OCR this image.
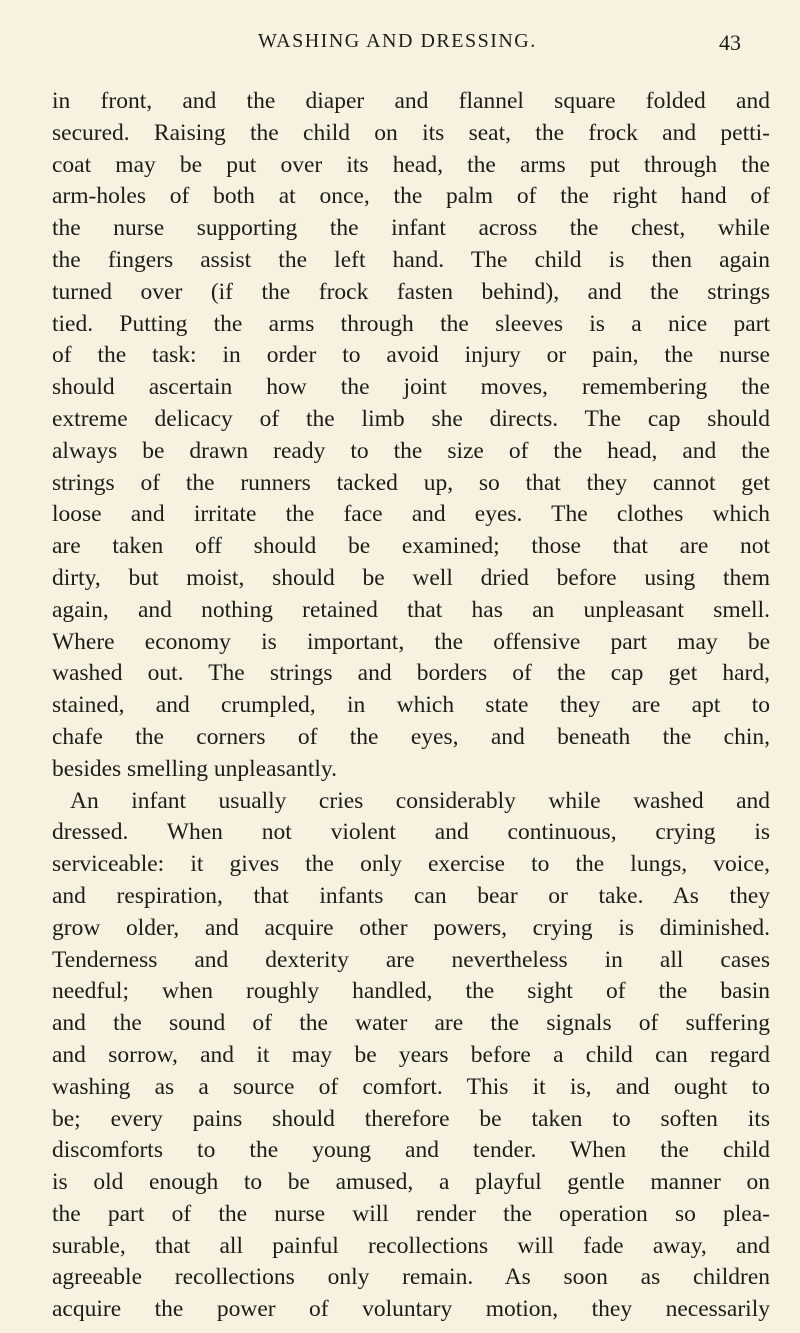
WASHING AND DRESSING.	43
in front, and the diaper and flannel square folded and
secured. Raising the child on its seat, the frock and petti-
coat may be put over its head, the arms put through the
arm-holes of both at once, the palm of the right hand of
the nurse supporting the infant across the chest, while
the fingers assist the left hand. The child is then again
turned over (if the frock fasten behind), and the strings
tied. Putting the arms through the sleeves is a nice part
of the task: in order to avoid injury or pain, the nurse
should ascertain how the joint moves, remembering the
extreme delicacy of the limb she directs. The cap should
always be drawn ready to the size of the head, and the
strings of the runners tacked up, so that they cannot get
loose and irritate the face and eyes. The clothes which
are taken off should be examined; those that are not
dirty, but moist, should be well dried before using them
again, and nothing retained that has an unpleasant smell.
Where economy is important, the offensive part may be
washed out. The strings and borders of the cap get hard,
stained, and crumpled, in which state they are apt to
chafe the corners of the eyes, and beneath the chin,
besides smelling unpleasantly.
An infant usually cries considerably while washed and
dressed. When not violent and continuous, crying is
serviceable: it gives the only exercise to the lungs, voice,
and respiration, that infants can bear or take. As they
grow older, and acquire other powers, crying is diminished.
Tenderness and dexterity are nevertheless in all cases
needful; when roughly handled, the sight of the basin
and the sound of the water are the signals of suffering
and sorrow, and it may be years before a child can regard
washing as a source of comfort. This it is, and ought to
be; every pains should therefore be taken to soften its
discomforts to the young and tender. When the child
is old enough to be amused, a playful gentle manner on
the part of the nurse will render the operation so plea-
surable, that all painful recollections will fade away, and
agreeable recollections only remain. As soon as children
acquire the power of voluntary motion, they necessarily
